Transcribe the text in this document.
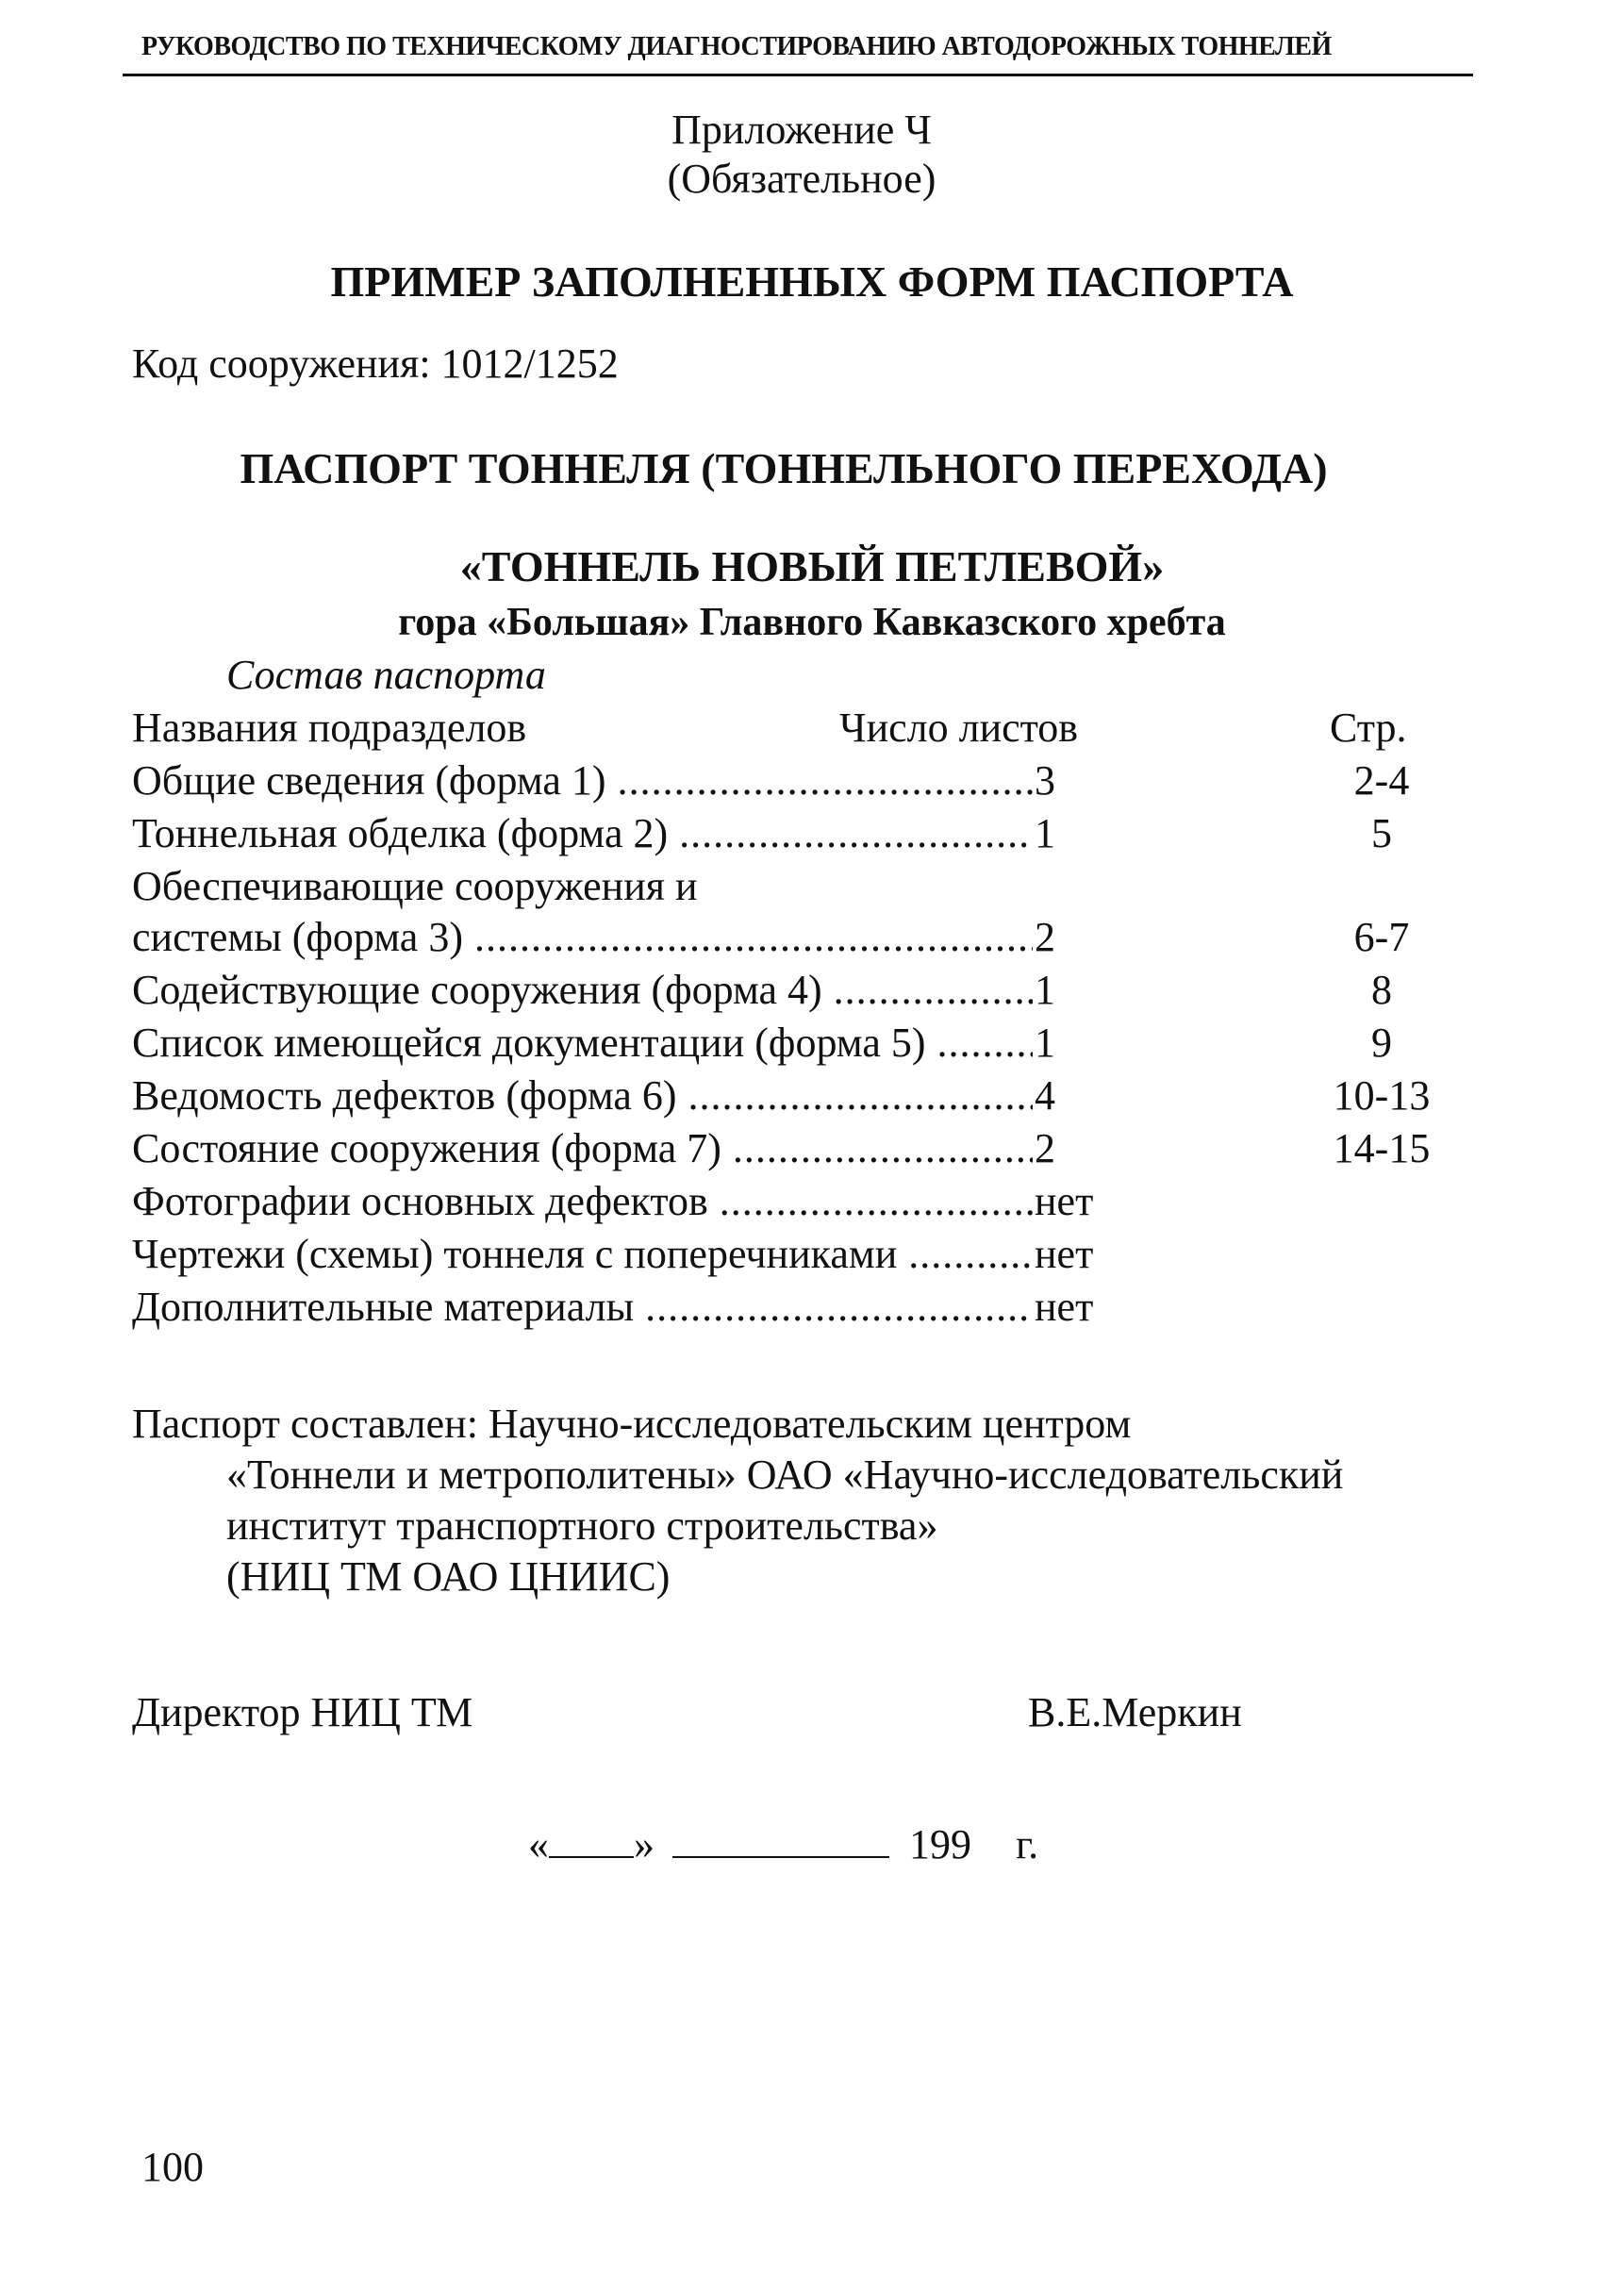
РУКОВОДСТВО ПО ТЕХНИЧЕСКОМУ ДИАГНОСТИРОВАНИЮ АВТОДОРОЖНЫХ ТОННЕЛЕЙ
Приложение Ч
(Обязательное)
ПРИМЕР ЗАПОЛНЕННЫХ ФОРМ ПАСПОРТА
Код сооружения: 1012/1252
ПАСПОРТ ТОННЕЛЯ (ТОННЕЛЬНОГО ПЕРЕХОДА)
«ТОННЕЛЬ НОВЫЙ ПЕТЛЕВОЙ»
гора «Большая» Главного Кавказского хребта
Состав паспорта
Названия подразделов	Число листов	Стр.
Общие сведения (форма 1) .....	3	2-4
Тоннельная обделка (форма 2) .....	1	5
Обеспечивающие сооружения и
системы (форма 3) .....	2	6-7
Содействующие сооружения (форма 4) .....	1	8
Список имеющейся документации (форма 5) .....	1	9
Ведомость дефектов (форма 6) .....	4	10-13
Состояние сооружения (форма 7) .....	2	14-15
Фотографии основных дефектов .....	нет
Чертежи (схемы) тоннеля с поперечниками .....	нет
Дополнительные материалы .....	нет
Паспорт составлен: Научно-исследовательским центром
«Тоннели и метрополитены» ОАО «Научно-исследовательский
институт транспортного строительства»
(НИЦ ТМ ОАО ЦНИИС)
Директор НИЦ ТМ	В.Е.Меркин
« »	199 г.
100
